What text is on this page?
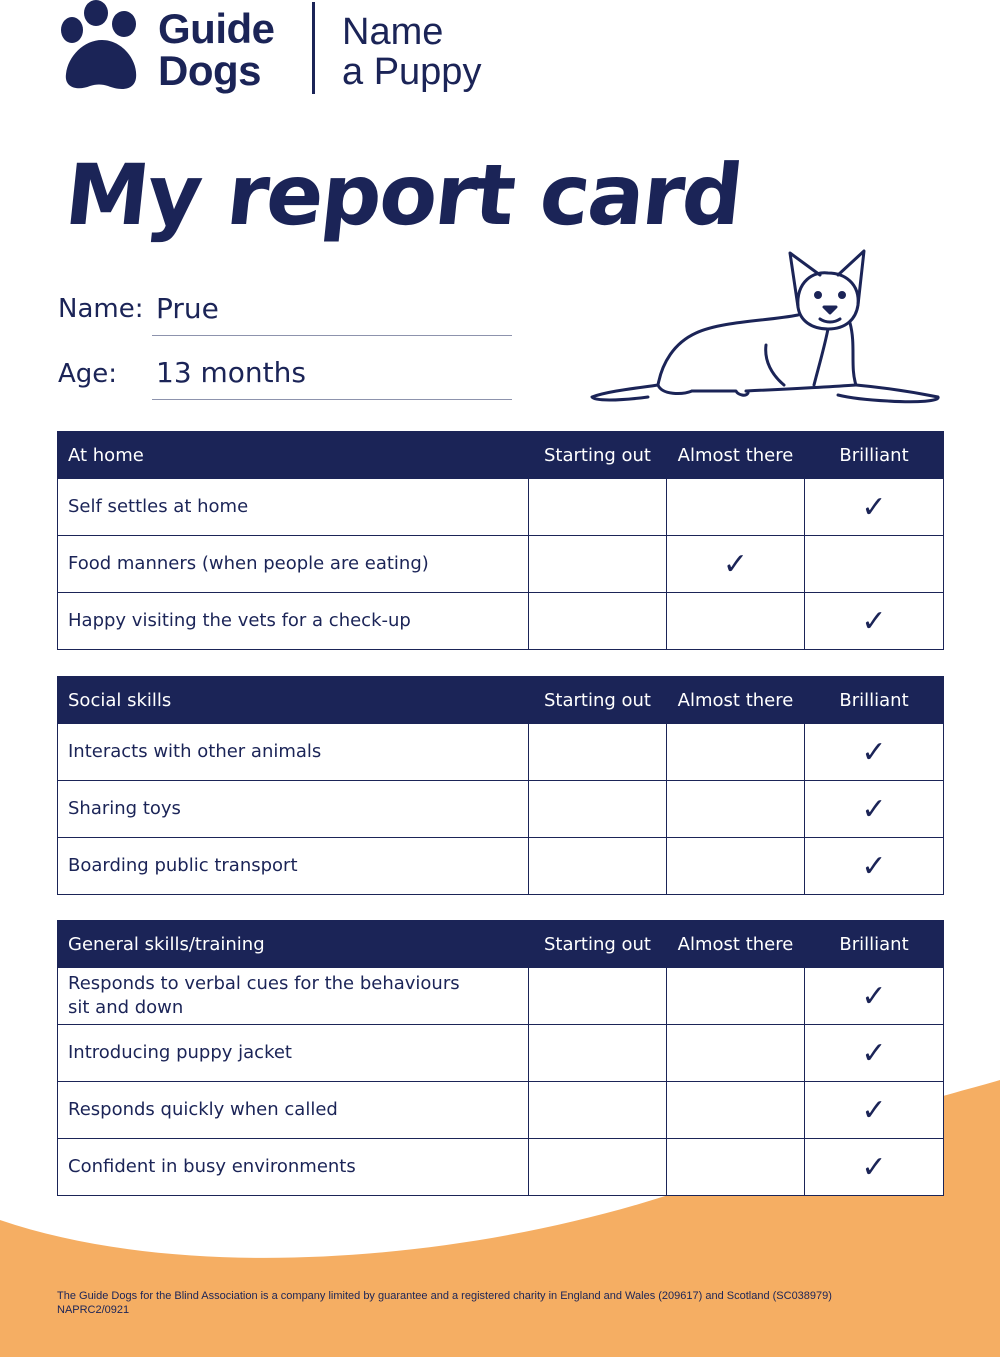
Guide
Dogs
Name
a Puppy
My report card
Name: Prue
Age: 13 months
At home	Starting out	Almost there	Brilliant
Self settles at home			✓
Food manners (when people are eating)		✓	
Happy visiting the vets for a check-up			✓
Social skills	Starting out	Almost there	Brilliant
Interacts with other animals			✓
Sharing toys			✓
Boarding public transport			✓
General skills/training	Starting out	Almost there	Brilliant
Responds to verbal cues for the behaviours sit and down			✓
Introducing puppy jacket			✓
Responds quickly when called			✓
Confident in busy environments			✓
The Guide Dogs for the Blind Association is a company limited by guarantee and a registered charity in England and Wales (209617) and Scotland (SC038979)
NAPRC2/0921
